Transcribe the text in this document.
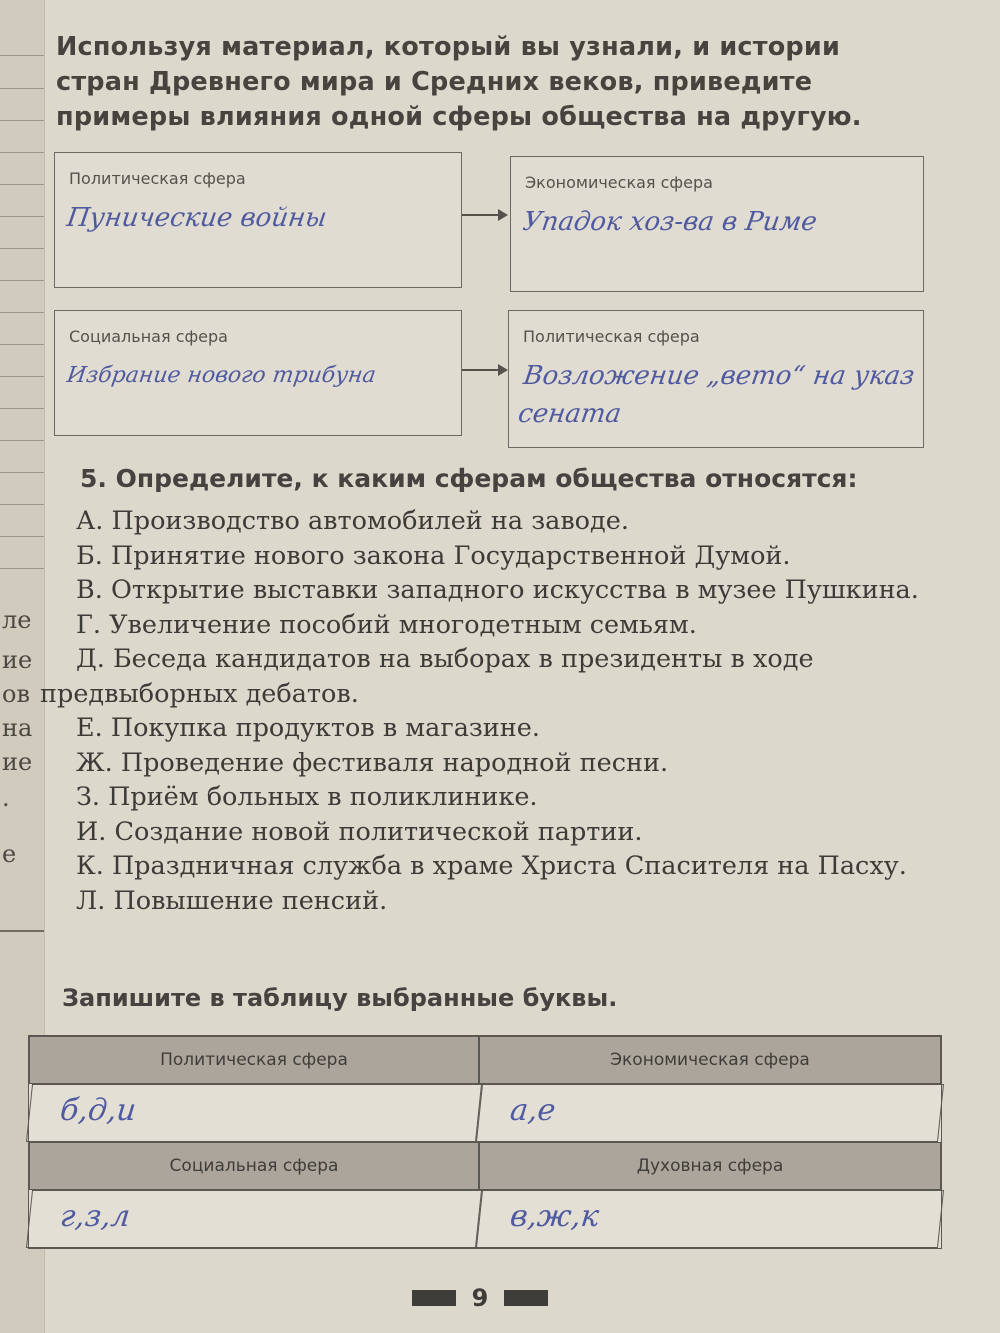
ле
ие
ов
на
ие
.
е
Используя материал, который вы узнали, и истории стран Древнего мира и Средних веков, приведите примеры влияния одной сферы общества на другую.
Политическая сфера
Пунические войны
Экономическая сфера
Упадок хоз-ва в Риме
Социальная сфера
Избрание нового трибуна
Политическая сфера
Возложение „вето“ на указ сената
5. Определите, к каким сферам общества относятся:

А. Производство автомобилей на заводе.

Б. Принятие нового закона Государственной Думой.

В. Открытие выставки западного искусства в музее Пушкина.

Г. Увеличение пособий многодетным семьям.

Д. Беседа кандидатов на выборах в президенты в ходе предвыборных дебатов.

Е. Покупка продуктов в магазине.

Ж. Проведение фестиваля народной песни.

З. Приём больных в поликлинике.

И. Создание новой политической партии.

К. Праздничная служба в храме Христа Спасителя на Пасху.

Л. Повышение пенсий.

Запишите в таблицу выбранные буквы.
Политическая сфера	Экономическая сфера
б,д,и	а,е
Социальная сфера	Духовная сфера
г,з,л	в,ж,к
9
